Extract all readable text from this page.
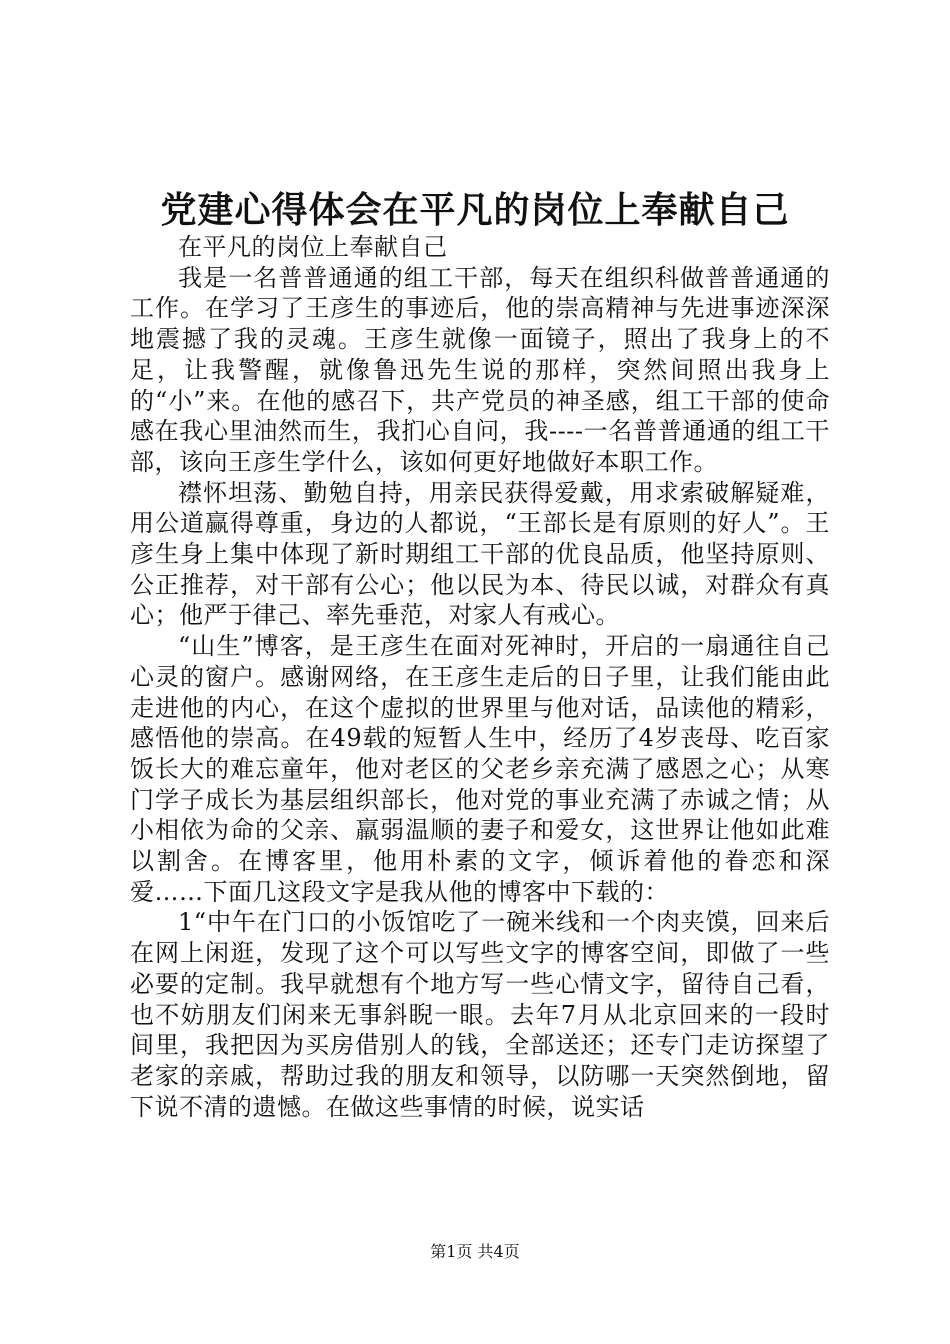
党建心得体会在平凡的岗位上奉献自己

在平凡的岗位上奉献自己

我是一名普普通通的组工干部，每天在组织科做普普通通的工作。在学习了王彦生的事迹后，他的崇高精神与先进事迹深深地震撼了我的灵魂。王彦生就像一面镜子，照出了我身上的不足，让我警醒，就像鲁迅先生说的那样，突然间照出我身上的“小”来。在他的感召下，共产党员的神圣感，组工干部的使命感在我心里油然而生，我扪心自问，我----一名普普通通的组工干部，该向王彦生学什么，该如何更好地做好本职工作。

襟怀坦荡、勤勉自持，用亲民获得爱戴，用求索破解疑难，用公道赢得尊重，身边的人都说，“王部长是有原则的好人”。王彦生身上集中体现了新时期组工干部的优良品质，他坚持原则、公正推荐，对干部有公心；他以民为本、待民以诚，对群众有真心；他严于律己、率先垂范，对家人有戒心。

“山生”博客，是王彦生在面对死神时，开启的一扇通往自己心灵的窗户。感谢网络，在王彦生走后的日子里，让我们能由此走进他的内心，在这个虚拟的世界里与他对话，品读他的精彩，感悟他的崇高。在49载的短暂人生中，经历了4岁丧母、吃百家饭长大的难忘童年，他对老区的父老乡亲充满了感恩之心；从寒门学子成长为基层组织部长，他对党的事业充满了赤诚之情；从小相依为命的父亲、羸弱温顺的妻子和爱女，这世界让他如此难以割舍。在博客里，他用朴素的文字，倾诉着他的眷恋和深爱……下面几这段文字是我从他的博客中下载的：

1“中午在门口的小饭馆吃了一碗米线和一个肉夹馍，回来后在网上闲逛，发现了这个可以写些文字的博客空间，即做了一些必要的定制。我早就想有个地方写一些心情文字，留待自己看，也不妨朋友们闲来无事斜睨一眼。去年7月从北京回来的一段时间里，我把因为买房借别人的钱，全部送还；还专门走访探望了老家的亲戚，帮助过我的朋友和领导，以防哪一天突然倒地，留下说不清的遗憾。在做这些事情的时候，说实话

第1页 共4页
